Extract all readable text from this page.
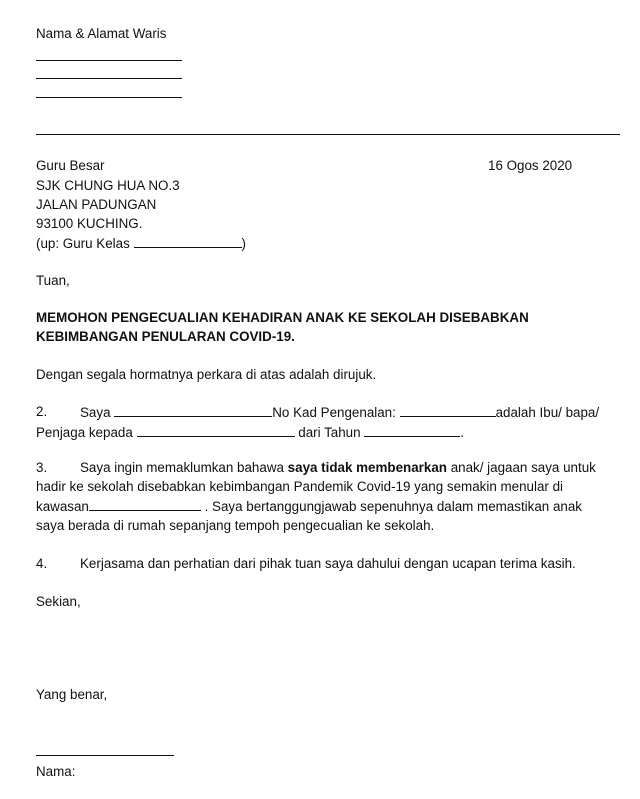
Nama & Alamat Waris
Guru Besar	16 Ogos 2020
SJK CHUNG HUA NO.3
JALAN PADUNGAN
93100 KUCHING.
(up: Guru Kelas	)
Tuan,
MEMOHON PENGECUALIAN KEHADIRAN ANAK KE SEKOLAH DISEBABKAN
KEBIMBANGAN PENULARAN COVID-19.
Dengan segala hormatnya perkara di atas adalah dirujuk.
2. Saya	No Kad Pengenalan:	adalah Ibu/ bapa/
Penjaga kepada	dari Tahun	.
3. Saya ingin memaklumkan bahawa saya tidak membenarkan anak/ jagaan saya untuk
hadir ke sekolah disebabkan kebimbangan Pandemik Covid-19 yang semakin menular di
kawasan	. Saya bertanggungjawab sepenuhnya dalam memastikan anak
saya berada di rumah sepanjang tempoh pengecualian ke sekolah.
4. Kerjasama dan perhatian dari pihak tuan saya dahului dengan ucapan terima kasih.
Sekian,
Yang benar,
Nama:
